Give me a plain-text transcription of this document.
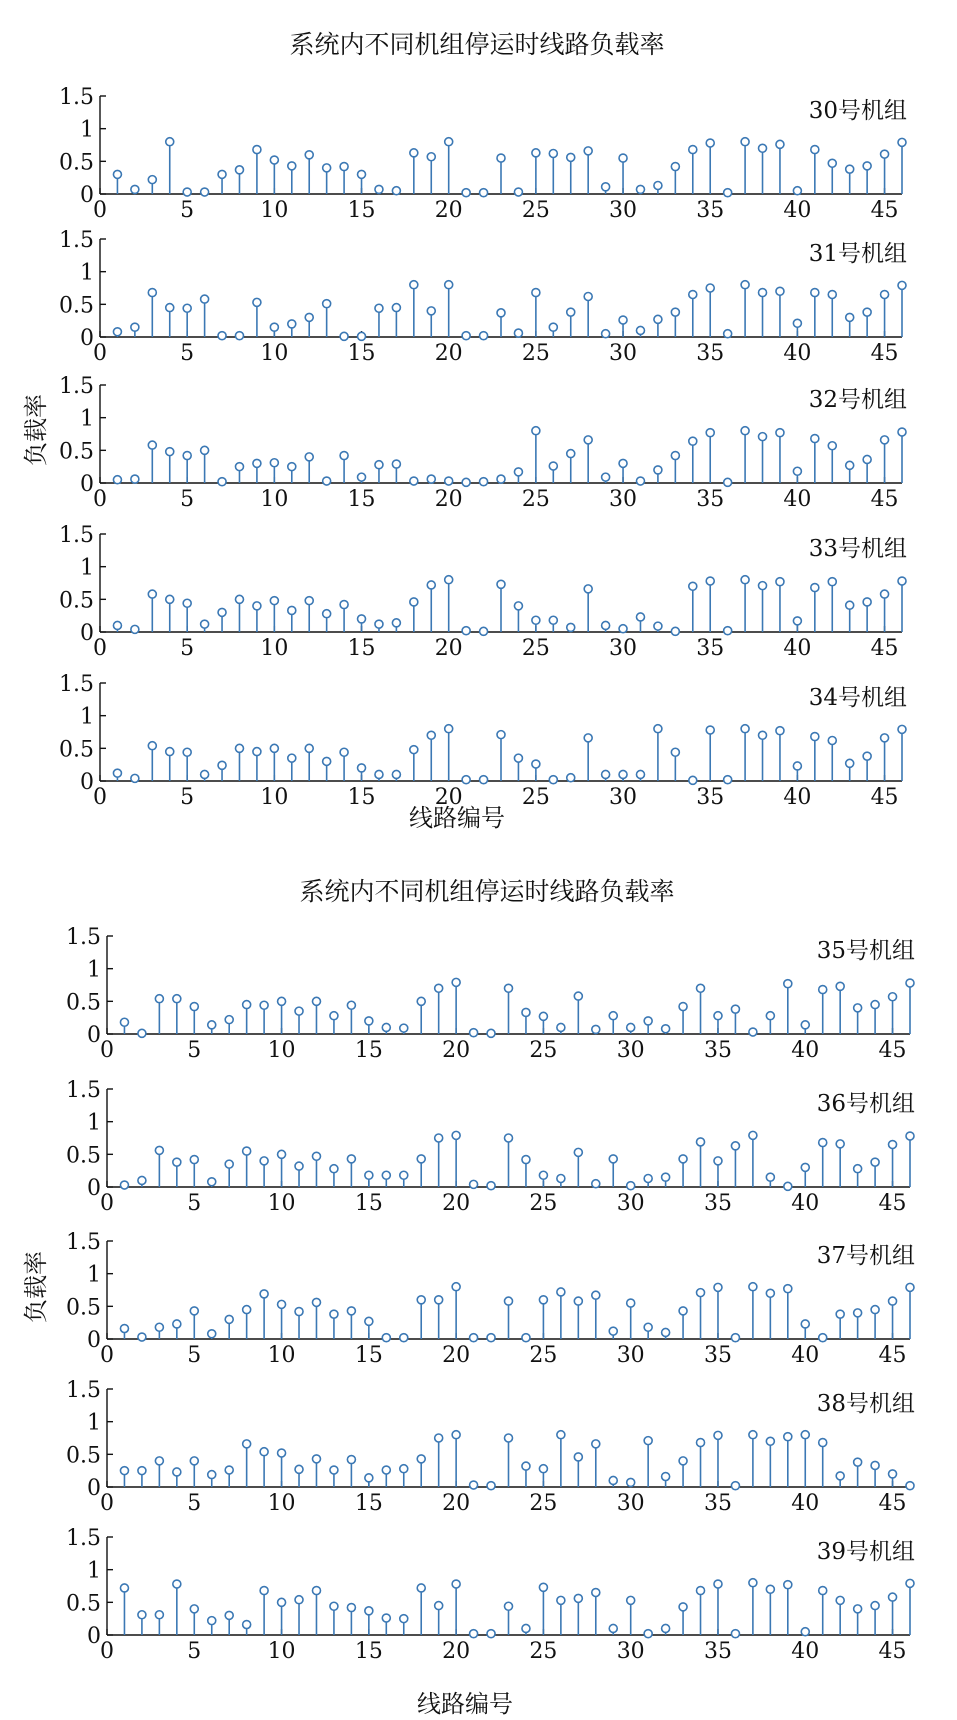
系统内不同机组停运时线路负载率
线路编号
负载率
系统内不同机组停运时线路负载率
线路编号
负载率
0
0.5
1
1.5
0	5	10	15	20	25	30	35	40	45
30号机组
0
0.5
1
1.5
0	5	10	15	20	25	30	35	40	45
31号机组
0
0.5
1
1.5
0	5	10	15	20	25	30	35	40	45
32号机组
0
0.5
1
1.5
0	5	10	15	20	25	30	35	40	45
33号机组
0
0.5
1
1.5
0	5	10	15	20	25	30	35	40	45
34号机组
0
0.5
1
1.5
0	5	10	15	20	25	30	35	40	45
35号机组
0
0.5
1
1.5
0	5	10	15	20	25	30	35	40	45
36号机组
0
0.5
1
1.5
0	5	10	15	20	25	30	35	40	45
37号机组
0
0.5
1
1.5
0	5	10	15	20	25	30	35	40	45
38号机组
0
0.5
1
1.5
0	5	10	15	20	25	30	35	40	45
39号机组
